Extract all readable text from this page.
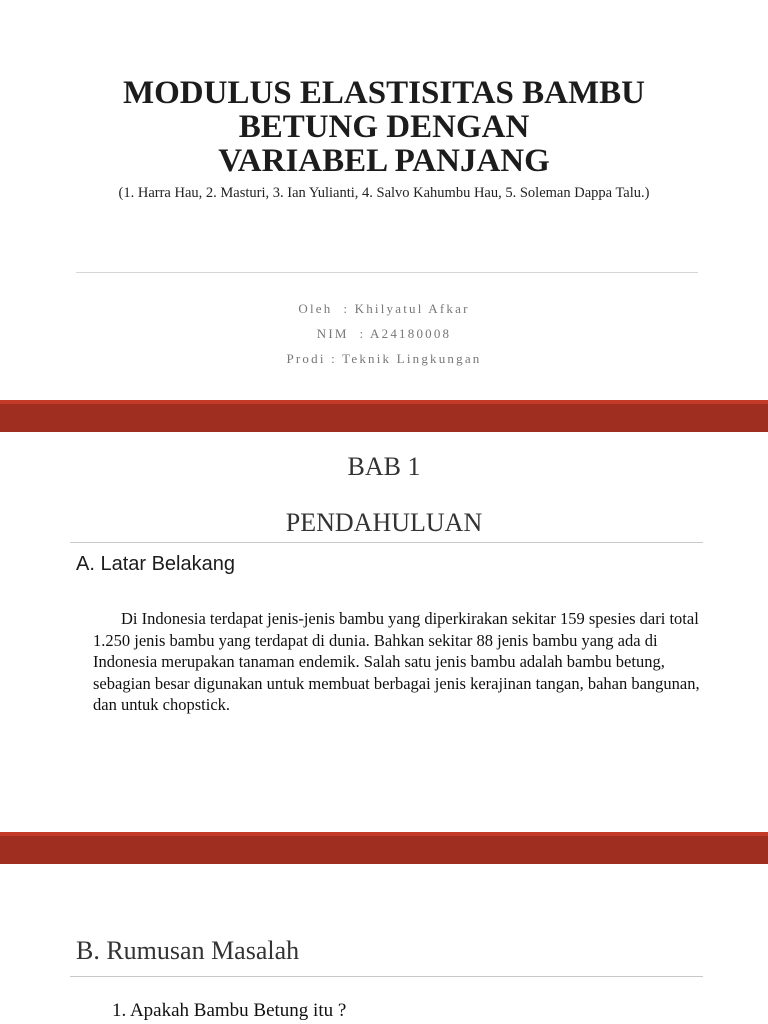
MODULUS ELASTISITAS BAMBU
BETUNG DENGAN
VARIABEL PANJANG
(1. Harra Hau, 2. Masturi, 3. Ian Yulianti, 4. Salvo Kahumbu Hau, 5. Soleman Dappa Talu.)
Oleh  : Khilyatul Afkar
NIM  : A24180008
Prodi : Teknik Lingkungan
BAB 1
PENDAHULUAN
A. Latar Belakang

Di Indonesia terdapat jenis-jenis bambu yang diperkirakan sekitar 159 spesies dari total 1.250 jenis bambu yang terdapat di dunia. Bahkan sekitar 88 jenis bambu yang ada di Indonesia merupakan tanaman endemik. Salah satu jenis bambu adalah bambu betung, sebagian besar digunakan untuk membuat berbagai jenis kerajinan tangan, bahan bangunan, dan untuk chopstick.

B. Rumusan Masalah
1. Apakah Bambu Betung itu ?
